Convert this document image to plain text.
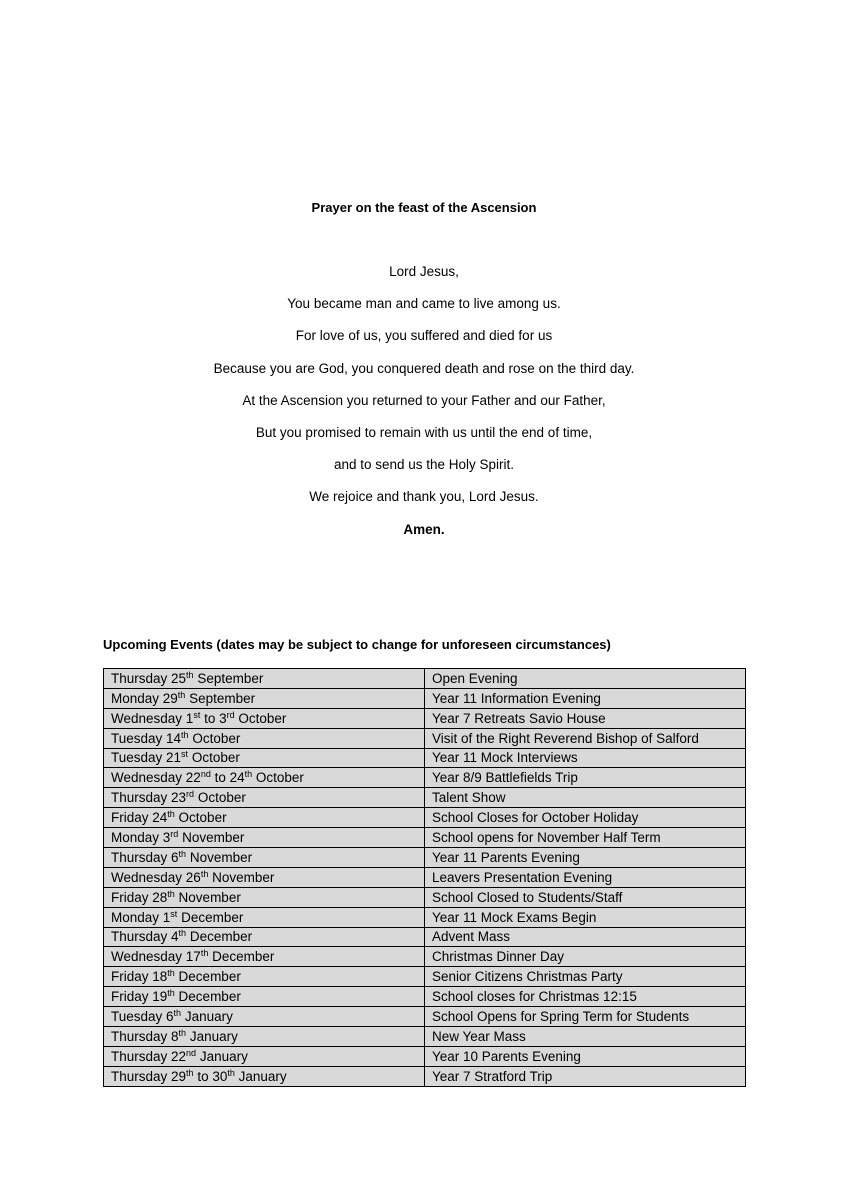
Prayer on the feast of the Ascension
Lord Jesus,
You became man and came to live among us.
For love of us, you suffered and died for us
Because you are God, you conquered death and rose on the third day.
At the Ascension you returned to your Father and our Father,
But you promised to remain with us until the end of time,
and to send us the Holy Spirit.
We rejoice and thank you, Lord Jesus.
Amen.
Upcoming Events (dates may be subject to change for unforeseen circumstances)
Thursday 25th September	Open Evening
Monday 29th September	Year 11 Information Evening
Wednesday 1st to 3rd October	Year 7 Retreats Savio House
Tuesday 14th October	Visit of the Right Reverend Bishop of Salford
Tuesday 21st October	Year 11 Mock Interviews
Wednesday 22nd to 24th October	Year 8/9 Battlefields Trip
Thursday 23rd October	Talent Show
Friday 24th October	School Closes for October Holiday
Monday 3rd November	School opens for November Half Term
Thursday 6th November	Year 11 Parents Evening
Wednesday 26th November	Leavers Presentation Evening
Friday 28th November	School Closed to Students/Staff
Monday 1st December	Year 11 Mock Exams Begin
Thursday 4th December	Advent Mass
Wednesday 17th December	Christmas Dinner Day
Friday 18th December	Senior Citizens Christmas Party
Friday 19th December	School closes for Christmas 12:15
Tuesday 6th January	School Opens for Spring Term for Students
Thursday 8th January	New Year Mass
Thursday 22nd January	Year 10 Parents Evening
Thursday 29th to 30th January	Year 7 Stratford Trip
